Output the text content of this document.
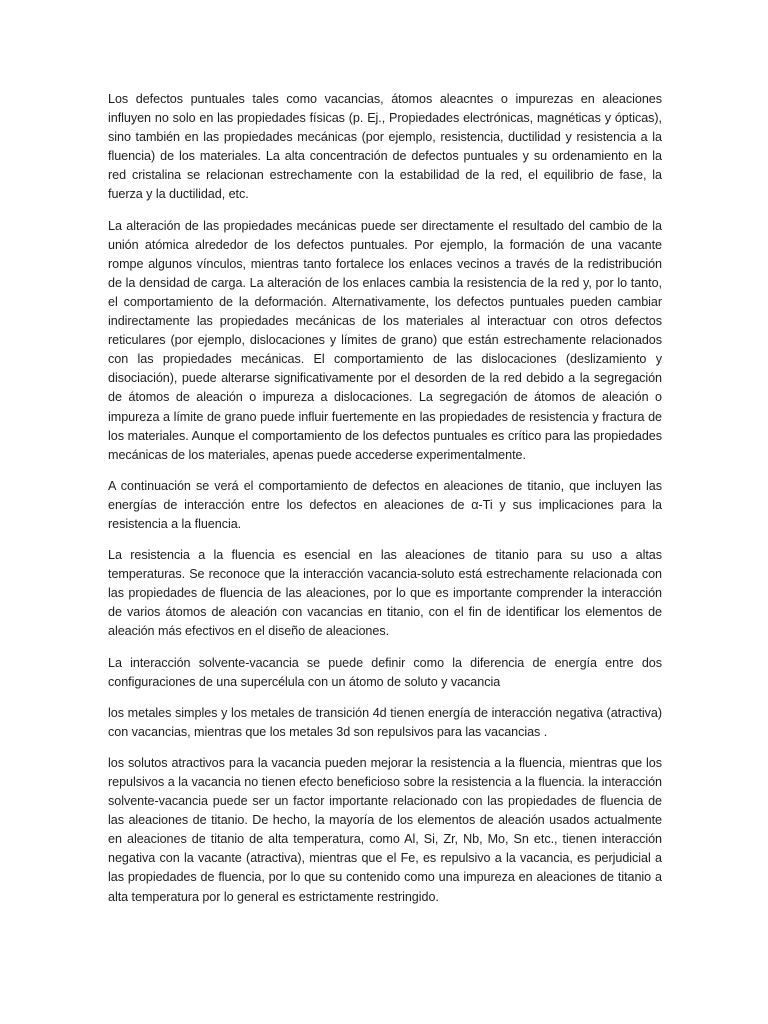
Los defectos puntuales tales como vacancias, átomos aleacntes o impurezas en aleaciones influyen no solo en las propiedades físicas (p. Ej., Propiedades electrónicas, magnéticas y ópticas), sino también en las propiedades mecánicas (por ejemplo, resistencia, ductilidad y resistencia a la fluencia) de los materiales. La alta concentración de defectos puntuales y su ordenamiento en la red cristalina se relacionan estrechamente con la estabilidad de la red, el equilibrio de fase, la fuerza y la ductilidad, etc.

La alteración de las propiedades mecánicas puede ser directamente el resultado del cambio de la unión atómica alrededor de los defectos puntuales. Por ejemplo, la formación de una vacante rompe algunos vínculos, mientras tanto fortalece los enlaces vecinos a través de la redistribución de la densidad de carga. La alteración de los enlaces cambia la resistencia de la red y, por lo tanto, el comportamiento de la deformación. Alternativamente, los defectos puntuales pueden cambiar indirectamente las propiedades mecánicas de los materiales al interactuar con otros defectos reticulares (por ejemplo, dislocaciones y límites de grano) que están estrechamente relacionados con las propiedades mecánicas. El comportamiento de las dislocaciones (deslizamiento y disociación), puede alterarse significativamente por el desorden de la red debido a la segregación de átomos de aleación o impureza a dislocaciones. La segregación de átomos de aleación o impureza a límite de grano puede influir fuertemente en las propiedades de resistencia y fractura de los materiales. Aunque el comportamiento de los defectos puntuales es crítico para las propiedades mecánicas de los materiales, apenas puede accederse experimentalmente.

A continuación se verá el comportamiento de defectos en aleaciones de titanio, que incluyen las energías de interacción entre los defectos en aleaciones de α-Ti y sus implicaciones para la resistencia a la fluencia.

La resistencia a la fluencia es esencial en las aleaciones de titanio para su uso a altas temperaturas. Se reconoce que la interacción vacancia-soluto está estrechamente relacionada con las propiedades de fluencia de las aleaciones, por lo que es importante comprender la interacción de varios átomos de aleación con vacancias en titanio, con el fin de identificar los elementos de aleación más efectivos en el diseño de aleaciones.

La interacción solvente-vacancia se puede definir como la diferencia de energía entre dos configuraciones de una supercélula con un átomo de soluto y vacancia

los metales simples y los metales de transición 4d tienen energía de interacción negativa (atractiva) con vacancias, mientras que los metales 3d son repulsivos para las vacancias .

los solutos atractivos para la vacancia pueden mejorar la resistencia a la fluencia, mientras que los repulsivos a la vacancia no tienen efecto beneficioso sobre la resistencia a la fluencia. la interacción solvente-vacancia puede ser un factor importante relacionado con las propiedades de fluencia de las aleaciones de titanio. De hecho, la mayoría de los elementos de aleación usados actualmente en aleaciones de titanio de alta temperatura, como Al, Si, Zr, Nb, Mo, Sn etc., tienen interacción negativa con la vacante (atractiva), mientras que el Fe, es repulsivo a la vacancia, es perjudicial a las propiedades de fluencia, por lo que su contenido como una impureza en aleaciones de titanio a alta temperatura por lo general es estrictamente restringido.
